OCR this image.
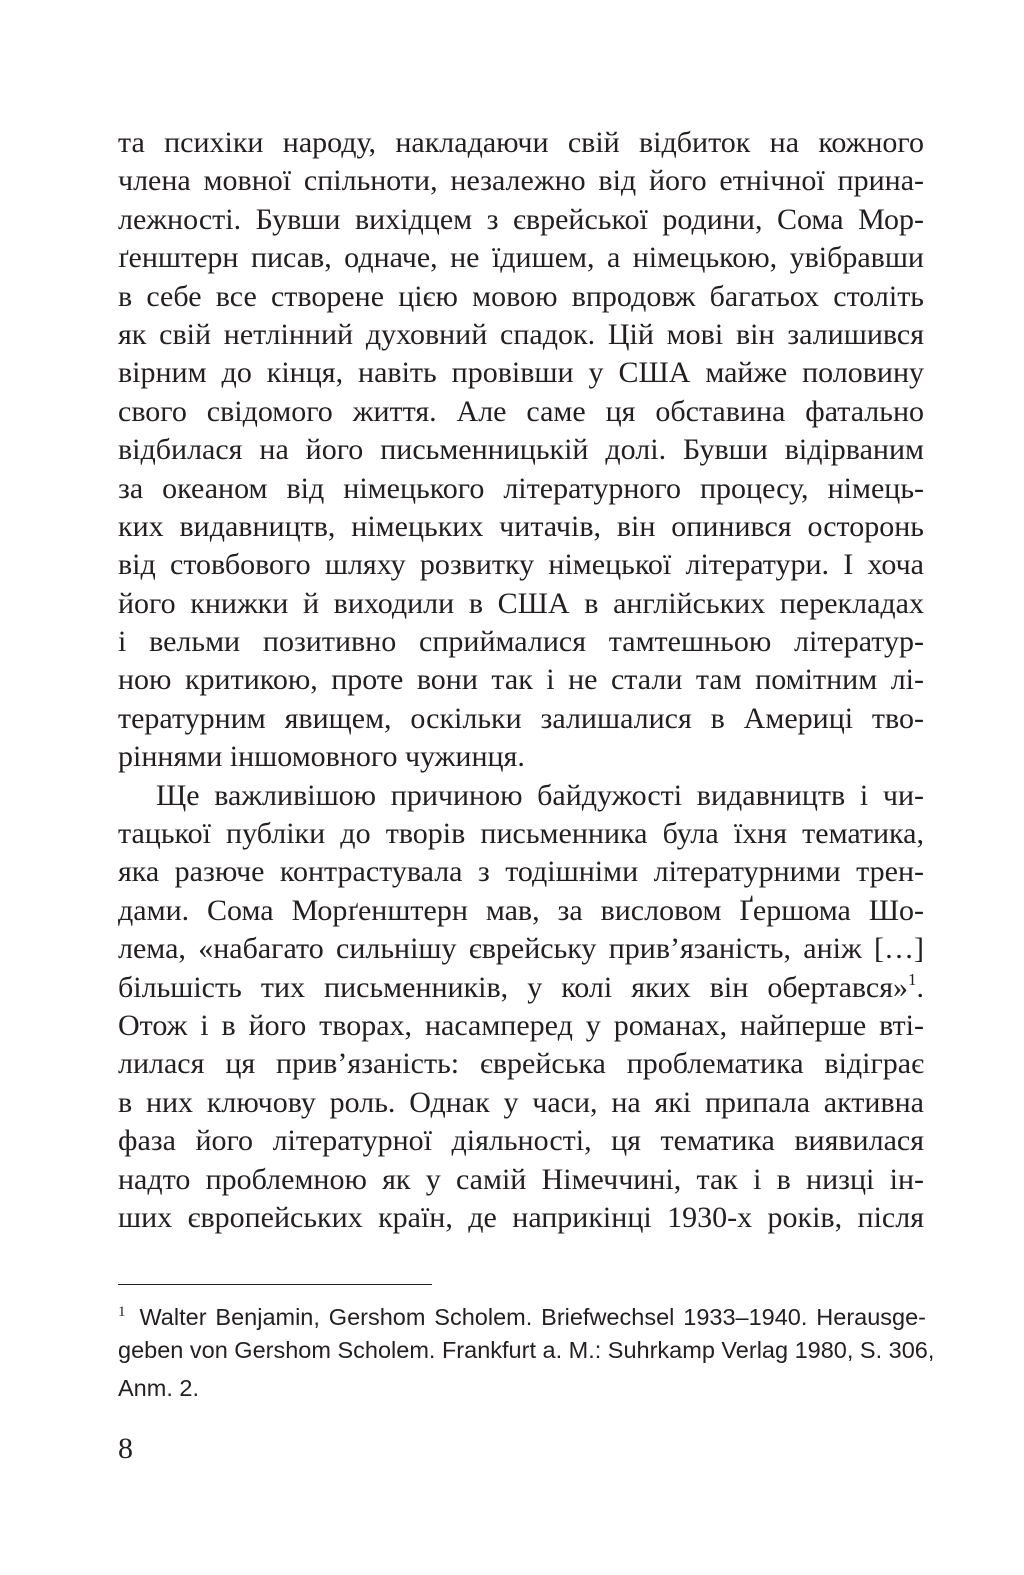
та психіки народу, накладаючи свій відбиток на кожного
члена мовної спільноти, незалежно від його етнічної прина-
лежності. Бувши вихідцем з єврейської родини, Сома Мор-
ґенштерн писав, одначе, не їдишем, а німецькою, увібравши
в себе все створене цією мовою впродовж багатьох століть
як свій нетлінний духовний спадок. Цій мові він залишився
вірним до кінця, навіть провівши у США майже половину
свого свідомого життя. Але саме ця обставина фатально
відбилася на його письменницькій долі. Бувши відірваним
за океаном від німецького літературного процесу, німець-
ких видавництв, німецьких читачів, він опинився осторонь
від стовбового шляху розвитку німецької літератури. І хоча
його книжки й виходили в США в англійських перекладах
і вельми позитивно сприймалися тамтешньою літератур-
ною критикою, проте вони так і не стали там помітним лі-
тературним явищем, оскільки залишалися в Америці тво-
ріннями іншомовного чужинця.
Ще важливішою причиною байдужості видавництв і чи-
тацької публіки до творів письменника була їхня тематика,
яка разюче контрастувала з тодішніми літературними трен-
дами. Сома Морґенштерн мав, за висловом Ґершома Шо-
лема, «набагато сильнішу єврейську прив’язаність, аніж […]
більшість тих письменників, у колі яких він обертався»$^1$.
Отож і в його творах, насамперед у романах, найперше вті-
лилася ця прив’язаність: єврейська проблематика відіграє
в них ключову роль. Однак у часи, на які припала активна
фаза його літературної діяльності, ця тематика виявилася
надто проблемною як у самій Німеччині, так і в низці ін-
ших європейських країн, де наприкінці 1930-х років, після
$^1$ Walter Benjamin, Gershom Scholem. Briefwechsel 1933–1940. Herausge-
geben von Gershom Scholem. Frankfurt a. M.: Suhrkamp Verlag 1980, S. 306,
Anm. 2.
8
